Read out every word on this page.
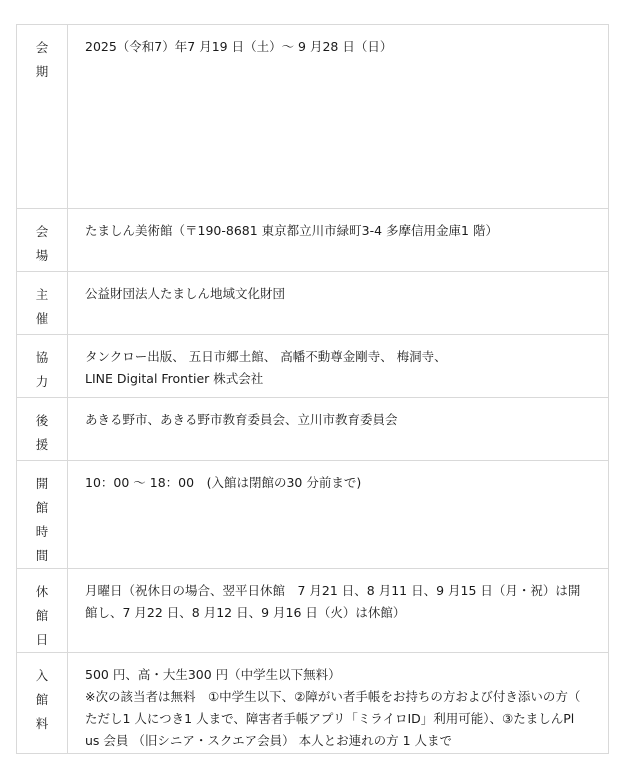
会
期	2025（令和7）年7 月19 日（土）〜 9 月28 日（日）

会
場	たましん美術館（〒190-8681 東京都立川市緑町3-4 多摩信用金庫1 階）

主
催	公益財団法人たましん地域文化財団

協
力	タンクロー出版、 五日市郷土館、 高幡不動尊金剛寺、 梅洞寺、
LINE Digital Frontier 株式会社

後
援	あきる野市、あきる野市教育委員会、立川市教育委員会

開
館
時
間	10：00 〜 18：00　(入館は閉館の30 分前まで)

休
館
日	月曜日（祝休日の場合、翌平日休館　7 月21 日、8 月11 日、9 月15 日（月・祝）は開
館し、7 月22 日、8 月12 日、9 月16 日（火）は休館）

入
館
料	500 円、高・大生300 円（中学生以下無料）
※次の該当者は無料　①中学生以下、②障がい者手帳をお持ちの方および付き添いの方（
ただし1 人につき1 人まで、障害者手帳アプリ「ミライロID」利用可能）、③たましんPl
us 会員 （旧シニア・スクエア会員） 本人とお連れの方 1 人まで
